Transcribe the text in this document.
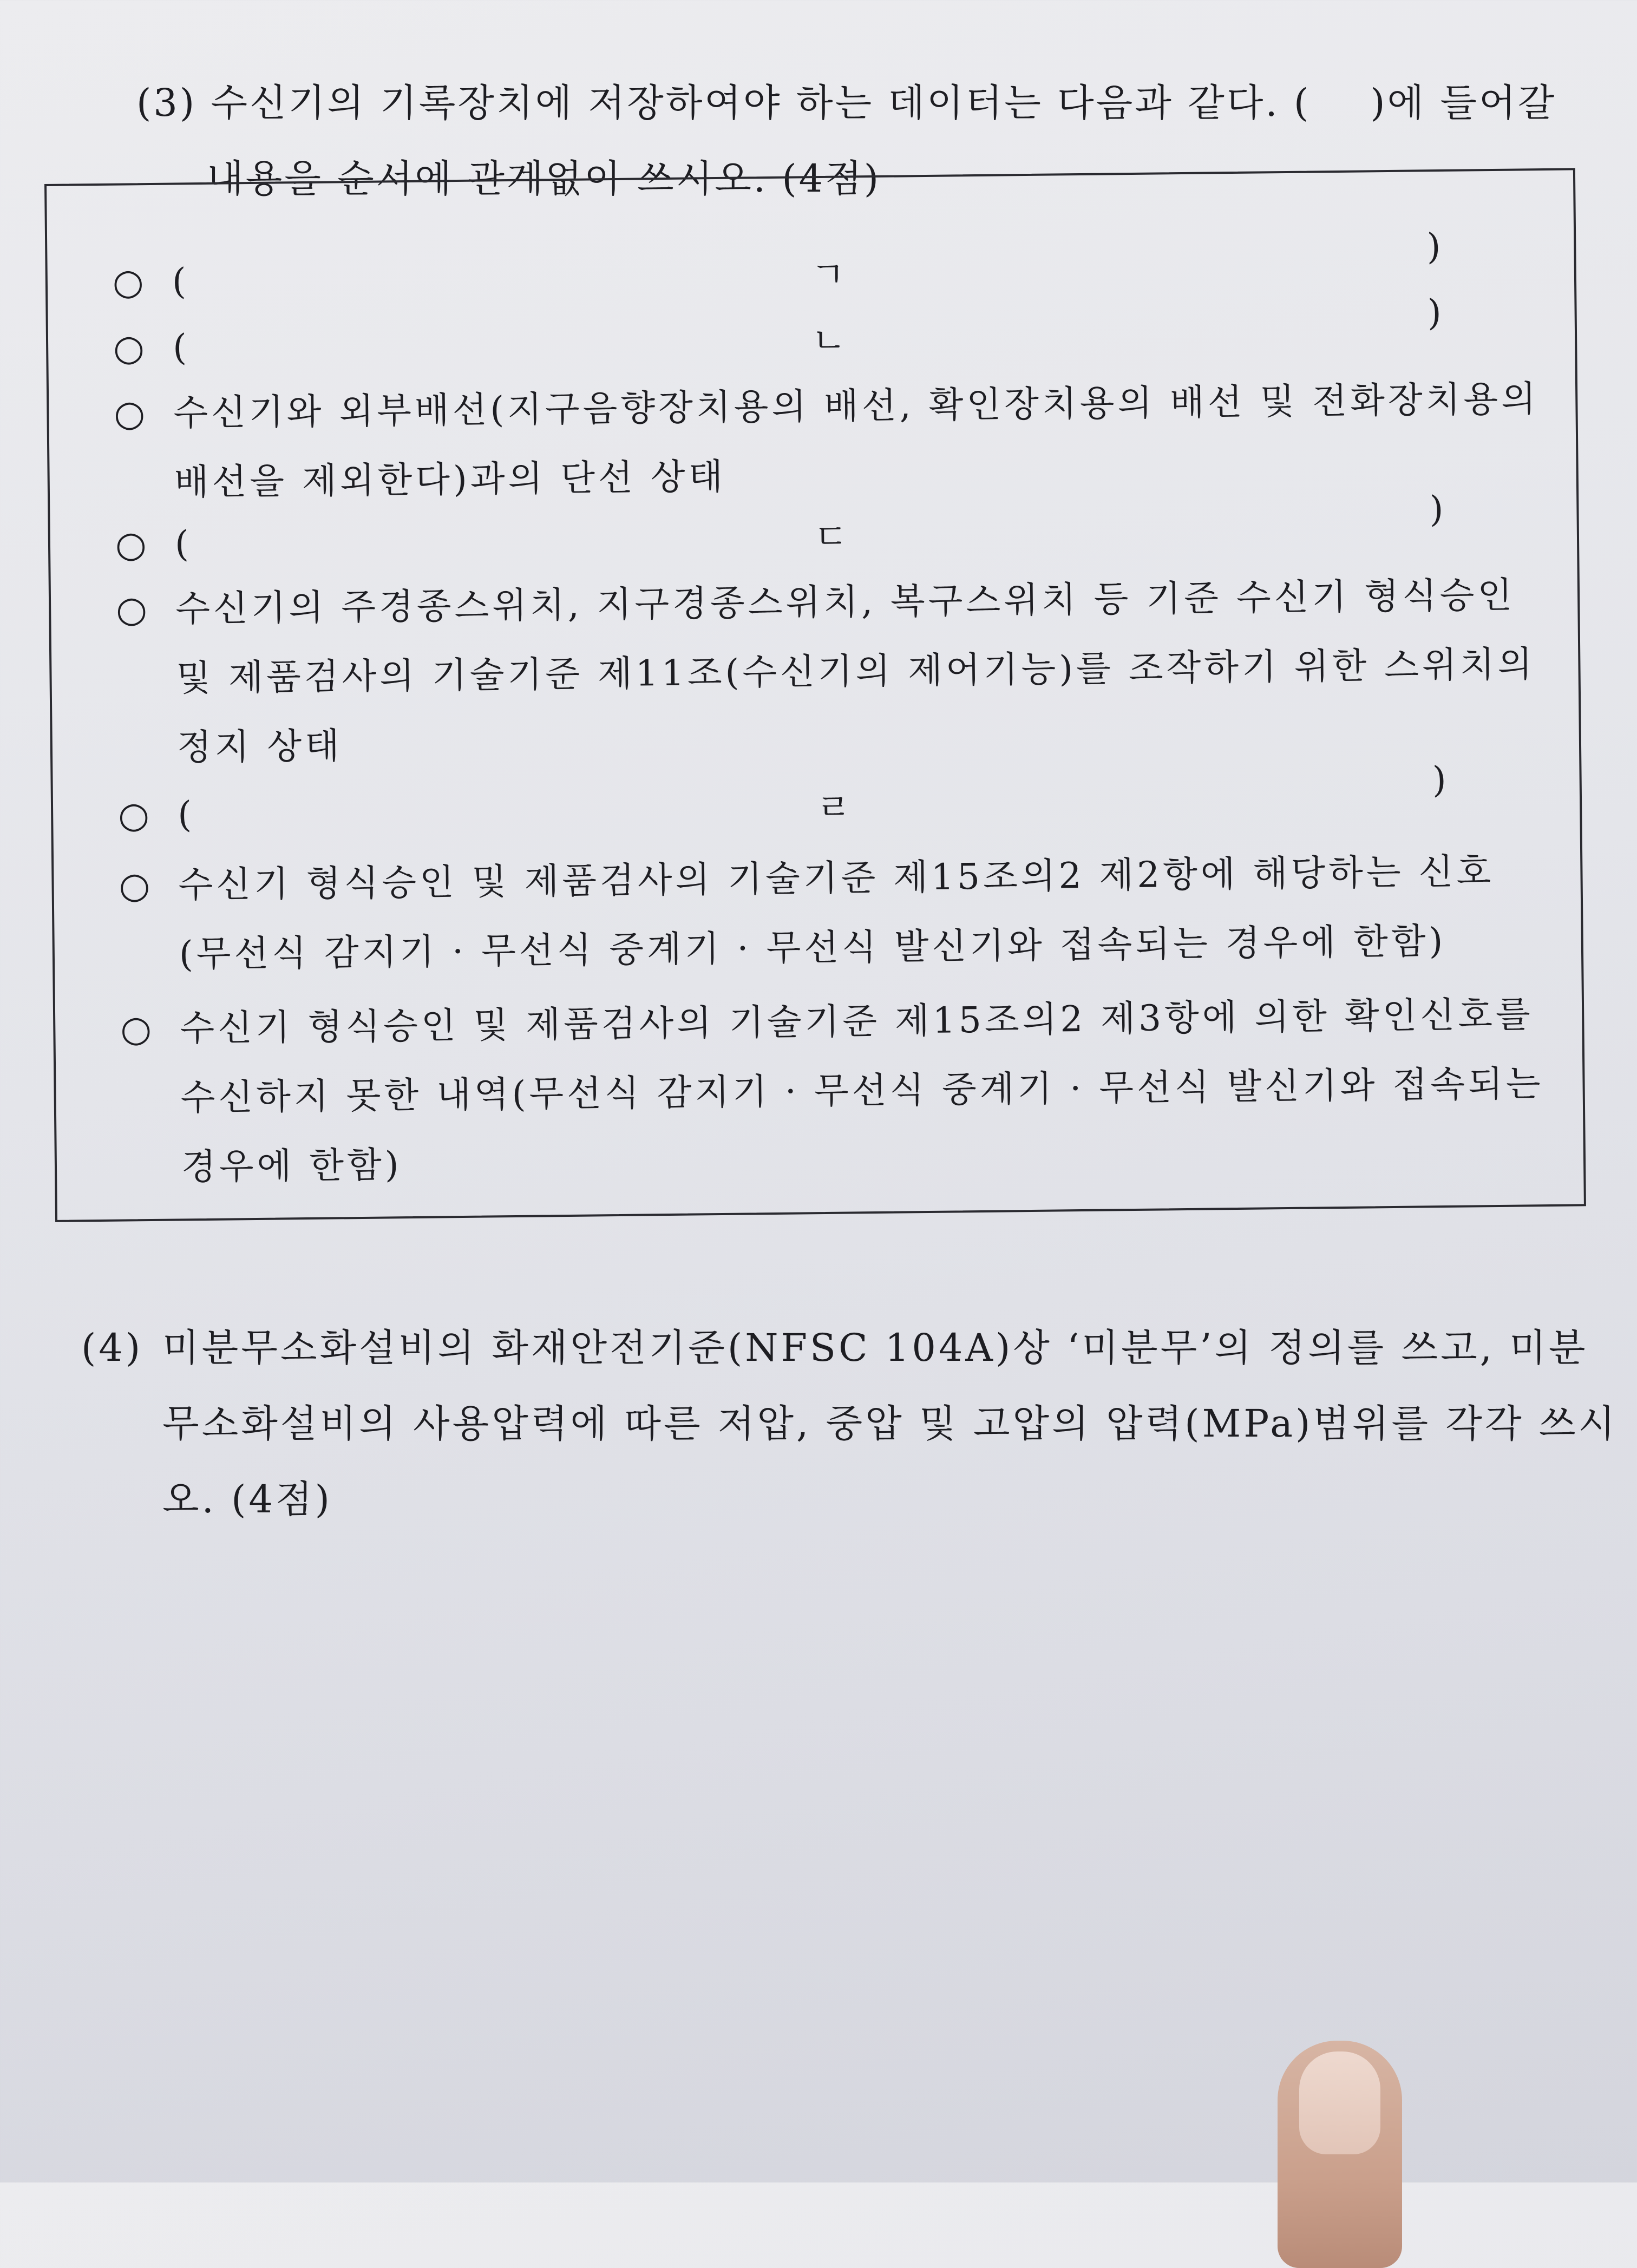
(3) 수신기의 기록장치에 저장하여야 하는 데이터는 다음과 같다. ( )에 들어갈
내용을 순서에 관계없이 쓰시오. (4점)
○ (	ㄱ
)
○ (	ㄴ
)
○ 수신기와 외부배선(지구음향장치용의 배선, 확인장치용의 배선 및 전화장치용의 배선을 제외한다)과의 단선 상태
○ (	ㄷ
)
○ 수신기의 주경종스위치, 지구경종스위치, 복구스위치 등 기준 수신기 형식승인 및 제품검사의 기술기준 제11조(수신기의 제어기능)를 조작하기 위한 스위치의 정지 상태
○ (	ㄹ
)
○ 수신기 형식승인 및 제품검사의 기술기준 제15조의2 제2항에 해당하는 신호(무선식 감지기 · 무선식 중계기 · 무선식 발신기와 접속되는 경우에 한함)
○ 수신기 형식승인 및 제품검사의 기술기준 제15조의2 제3항에 의한 확인신호를 수신하지 못한 내역(무선식 감지기 · 무선식 중계기 · 무선식 발신기와 접속되는 경우에 한함)
(4) 미분무소화설비의 화재안전기준(NFSC 104A)상 ‘미분무’의 정의를 쓰고, 미분무소화설비의 사용압력에 따른 저압, 중압 및 고압의 압력(MPa)범위를 각각 쓰시오. (4점)
